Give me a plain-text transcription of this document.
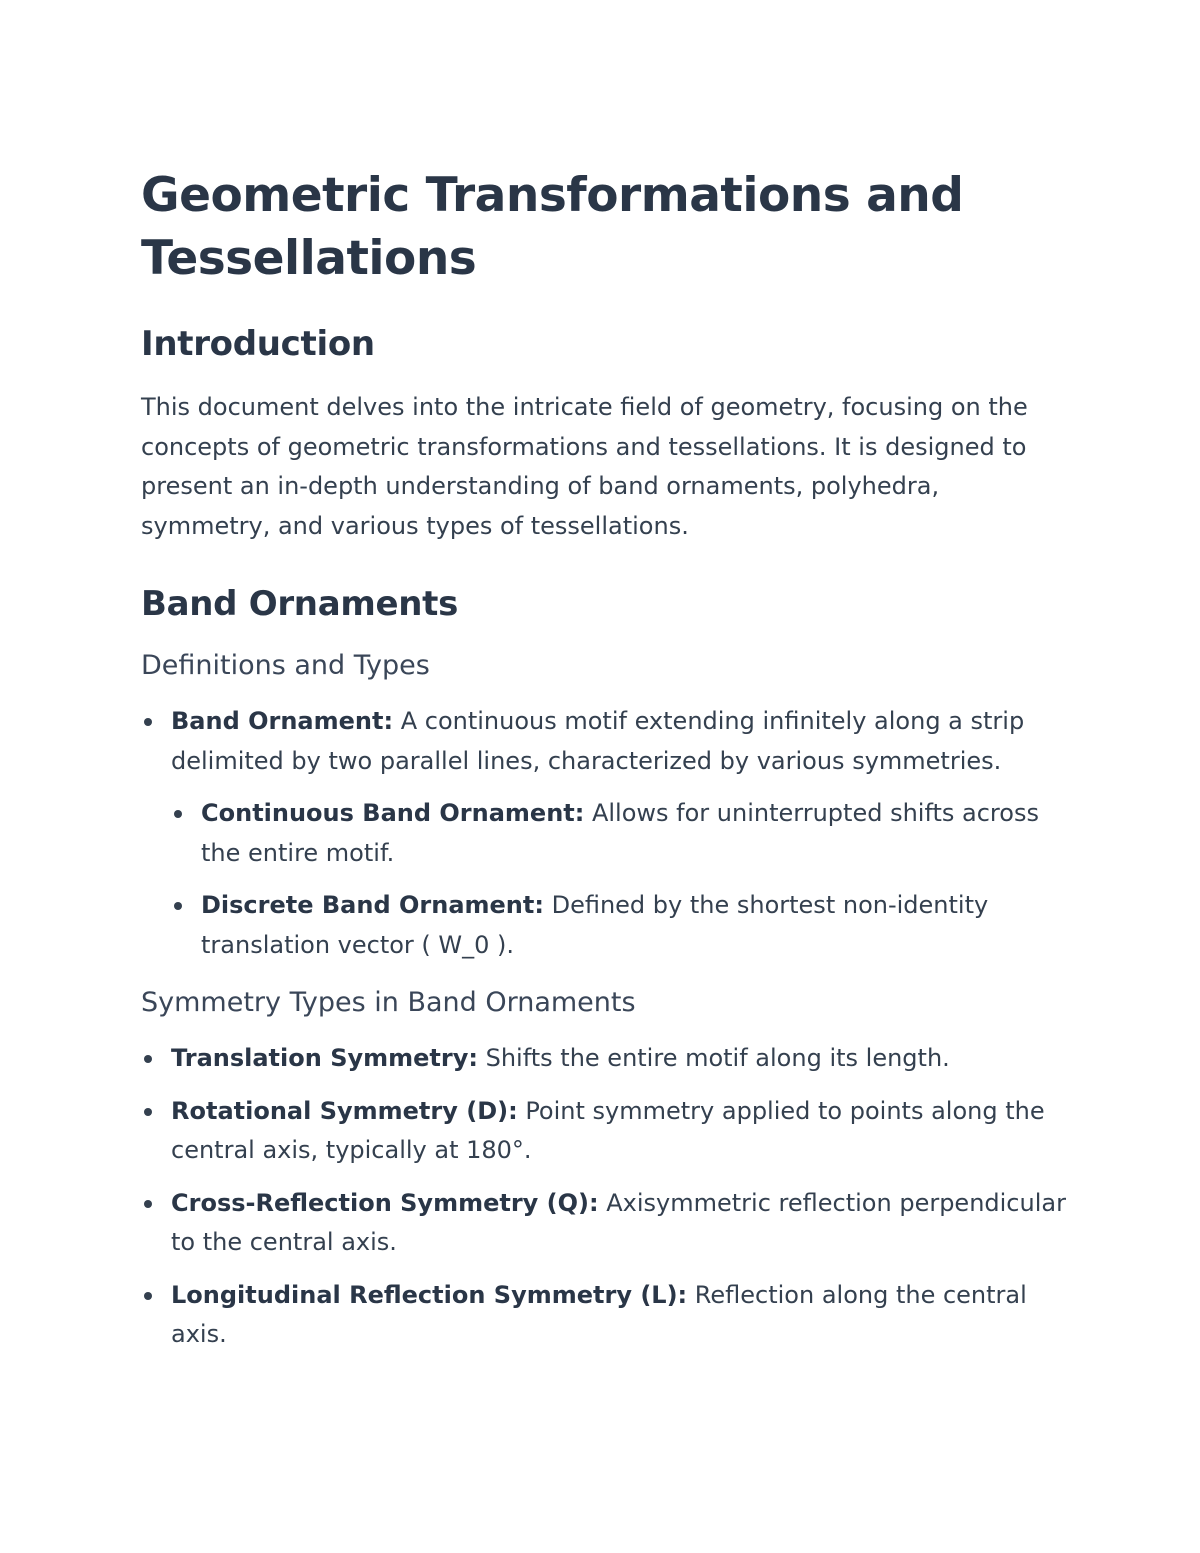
Geometric Transformations and Tessellations
Introduction

This document delves into the intricate field of geometry, focusing on the concepts of geometric transformations and tessellations. It is designed to present an in-depth understanding of band ornaments, polyhedra, symmetry, and various types of tessellations.

Band Ornaments
Definitions and Types
Band Ornament: A continuous motif extending infinitely along a strip delimited by two parallel lines, characterized by various symmetries.
Continuous Band Ornament: Allows for uninterrupted shifts across the entire motif.
Discrete Band Ornament: Defined by the shortest non-identity translation vector ( W_0 ).
Symmetry Types in Band Ornaments
Translation Symmetry: Shifts the entire motif along its length.
Rotational Symmetry (D): Point symmetry applied to points along the central axis, typically at 180°.
Cross-Reflection Symmetry (Q): Axisymmetric reflection perpendicular to the central axis.
Longitudinal Reflection Symmetry (L): Reflection along the central axis.
